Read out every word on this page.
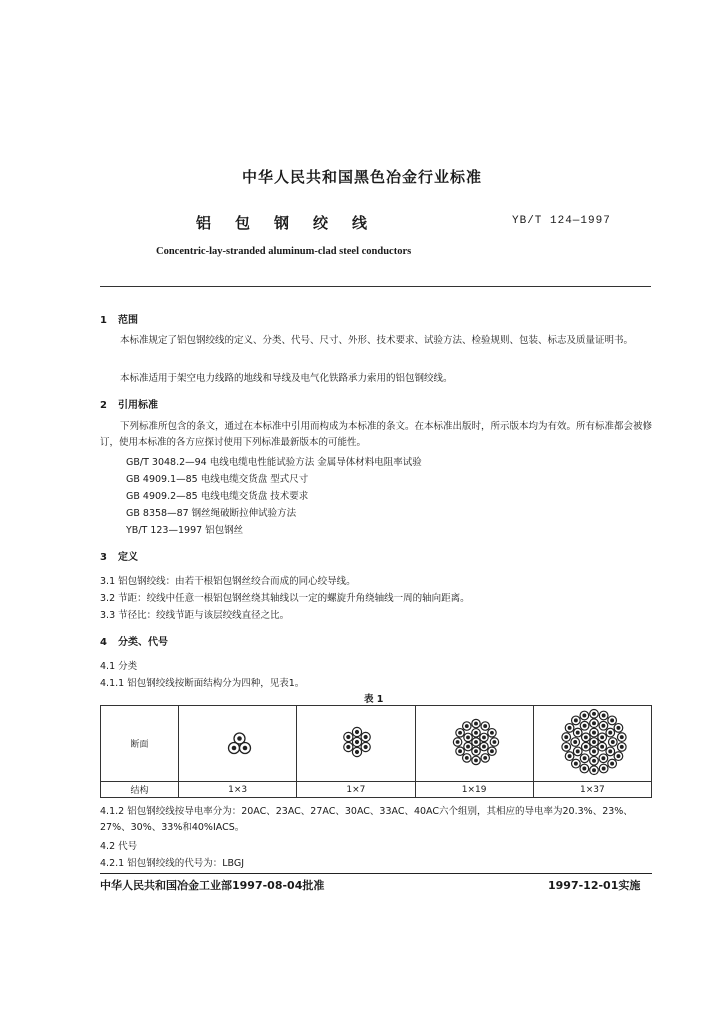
中华人民共和国黑色冶金行业标准
铝包钢绞线	YB/T 124—1997
Concentric-lay-stranded aluminum-clad steel conductors
1 范围
本标准规定了铝包钢绞线的定义、分类、代号、尺寸、外形、技术要求、试验方法、检验规则、包装、标志及质量证明书。
本标准适用于架空电力线路的地线和导线及电气化铁路承力索用的铝包钢绞线。
2 引用标准
下列标准所包含的条文，通过在本标准中引用而构成为本标准的条文。在本标准出版时，所示版本均为有效。所有标准都会被修订，使用本标准的各方应探讨使用下列标准最新版本的可能性。
GB/T 3048.2—94 电线电缆电性能试验方法 金属导体材料电阻率试验
GB 4909.1—85 电线电缆交货盘 型式尺寸
GB 4909.2—85 电线电缆交货盘 技术要求
GB 8358—87 钢丝绳破断拉伸试验方法
YB/T 123—1997 铝包钢丝
3 定义
3.1 铝包钢绞线：由若干根铝包钢丝绞合而成的同心绞导线。
3.2 节距：绞线中任意一根铝包钢丝绕其轴线以一定的螺旋升角绕轴线一周的轴向距离。
3.3 节径比：绞线节距与该层绞线直径之比。
4 分类、代号
4.1 分类
4.1.1 铝包钢绞线按断面结构分为四种，见表1。
表 1
断面				
结构	1×3	1×7	1×19	1×37
4.1.2 铝包钢绞线按导电率分为：20AC、23AC、27AC、30AC、33AC、40AC六个组别，其相应的导电率为20.3%、23%、27%、30%、33%和40%IACS。
4.2 代号
4.2.1 铝包钢绞线的代号为：LBGJ
中华人民共和国冶金工业部1997-08-04批准	1997-12-01实施
